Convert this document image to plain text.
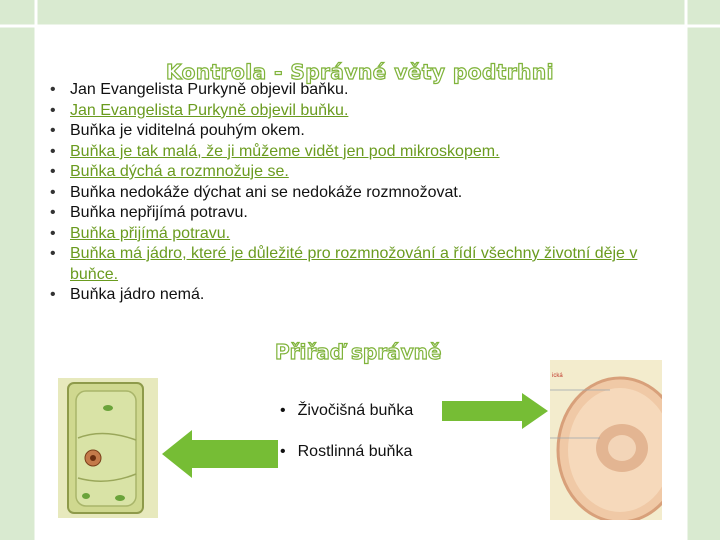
Kontrola - Správné věty podtrhni
• Jan Evangelista Purkyně objevil baňku.
• Jan Evangelista Purkyně objevil buňku.
• Buňka je viditelná pouhým okem.
• Buňka je tak malá, že ji můžeme vidět jen pod mikroskopem.
• Buňka dýchá a rozmnožuje se.
• Buňka nedokáže dýchat ani se nedokáže rozmnožovat.
• Buňka nepřijímá potravu.
• Buňka přijímá potravu.
• Buňka má jádro, které je důležité pro rozmnožování a řídí všechny životní děje v buňce.
• Buňka jádro nemá.
Přiřaď správně
ická
• Živočišná buňka
• Rostlinná buňka
